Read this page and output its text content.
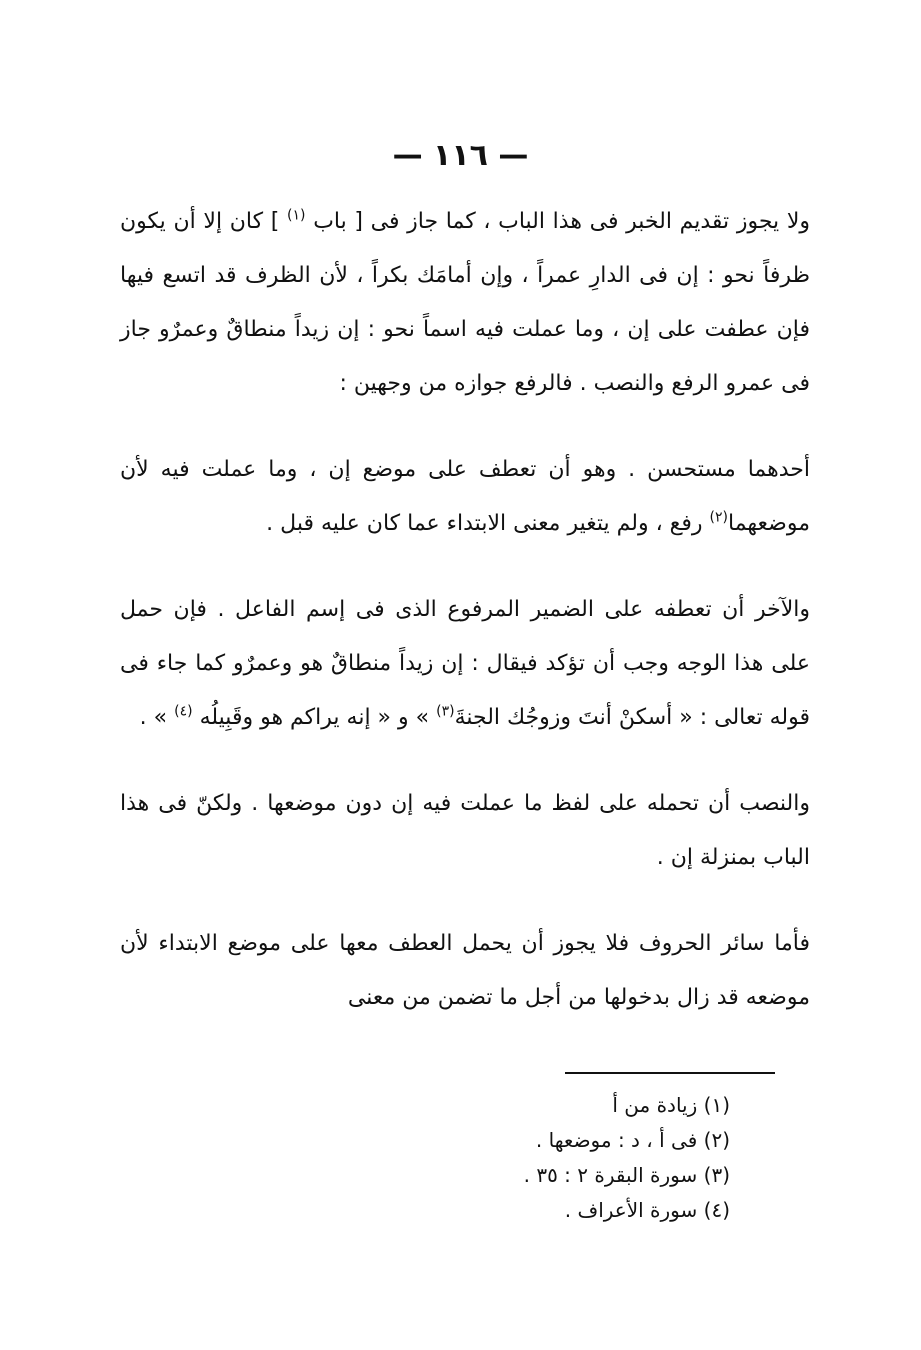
— ١١٦ —

ولا يجوز تقديم الخبر فى هذا الباب ، كما جاز فى [ باب $^{(١)}$ ] كان إلا أن يكون ظرفاً نحو : إن فى الدارِ عمراً ، وإن أمامَك بكراً ، لأن الظرف قد اتسع فيها فإن عطفت على إن ، وما عملت فيه اسماً نحو : إن زيداً منطاقٌ وعمرٌو جاز فى عمرو الرفع والنصب . فالرفع جوازه من وجهين :

أحدهما مستحسن . وهو أن تعطف على موضع إن ، وما عملت فيه لأن موضعهما$^{(٢)}$ رفع ، ولم يتغير معنى الابتداء عما كان عليه قبل .

والآخر أن تعطفه على الضمير المرفوع الذى فى إسم الفاعل . فإن حمل على هذا الوجه وجب أن تؤكد فيقال : إن زيداً منطاقٌ هو وعمرٌو كما جاء فى قوله تعالى : « أسكنْ أنتَ وزوجُك الجنةَ$^{(٣)}$ » و « إنه يراكم هو وقَبِيلُه $^{(٤)}$ » .

والنصب أن تحمله على لفظ ما عملت فيه إن دون موضعها . ولكنّ فى هذا الباب بمنزلة إن .

فأما سائر الحروف فلا يجوز أن يحمل العطف معها على موضع الابتداء لأن موضعه قد زال بدخولها من أجل ما تضمن من معنى

(١) زيادة من أ
(٢) فى أ ، د : موضعها .
(٣) سورة البقرة ٢ : ٣٥ .
(٤) سورة الأعراف .
